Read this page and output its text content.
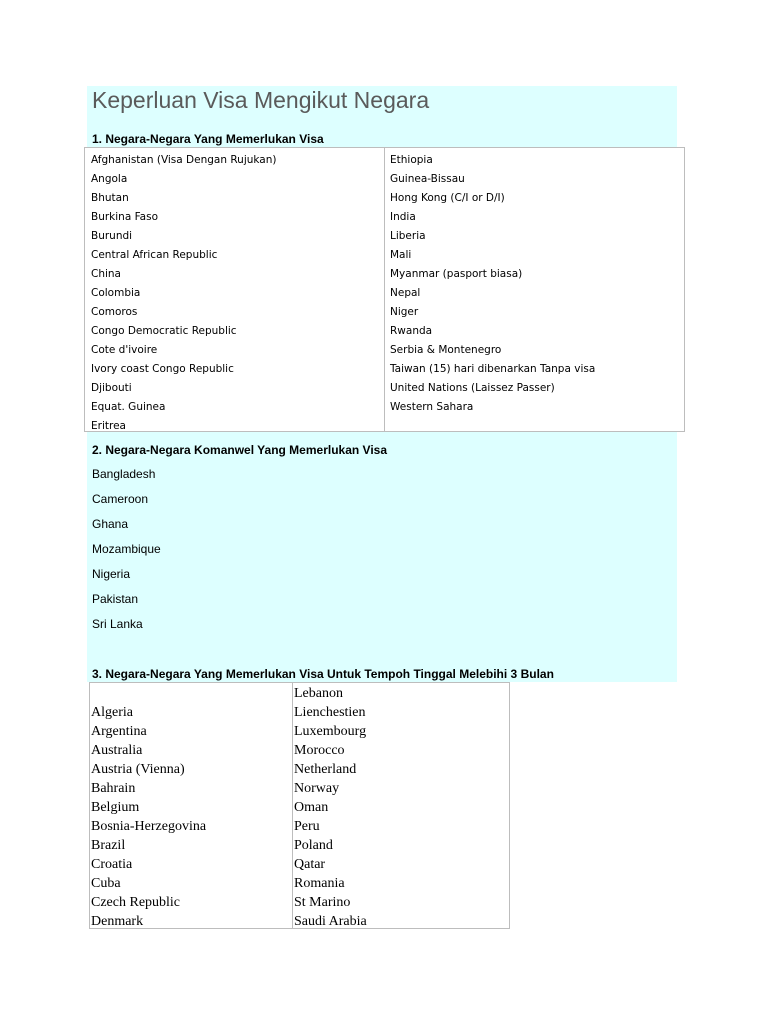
Keperluan Visa Mengikut Negara
1. Negara-Negara Yang Memerlukan Visa
Afghanistan (Visa Dengan Rujukan)
Angola
Bhutan
Burkina Faso
Burundi
Central African Republic
China
Colombia
Comoros
Congo Democratic Republic
Cote d'ivoire
Ivory coast Congo Republic
Djibouti
Equat. Guinea
Eritrea
Ethiopia
Guinea-Bissau
Hong Kong (C/I or D/I)
India
Liberia
Mali
Myanmar (pasport biasa)
Nepal
Niger
Rwanda
Serbia & Montenegro
Taiwan (15) hari dibenarkan Tanpa visa
United Nations (Laissez Passer)
Western Sahara
2. Negara-Negara Komanwel Yang Memerlukan Visa
Bangladesh
Cameroon
Ghana
Mozambique
Nigeria
Pakistan
Sri Lanka
3. Negara-Negara Yang Memerlukan Visa Untuk Tempoh Tinggal Melebihi 3 Bulan
Algeria
Argentina
Australia
Austria (Vienna)
Bahrain
Belgium
Bosnia-Herzegovina
Brazil
Croatia
Cuba
Czech Republic
Denmark
Lebanon
Lienchestien
Luxembourg
Morocco
Netherland
Norway
Oman
Peru
Poland
Qatar
Romania
St Marino
Saudi Arabia
